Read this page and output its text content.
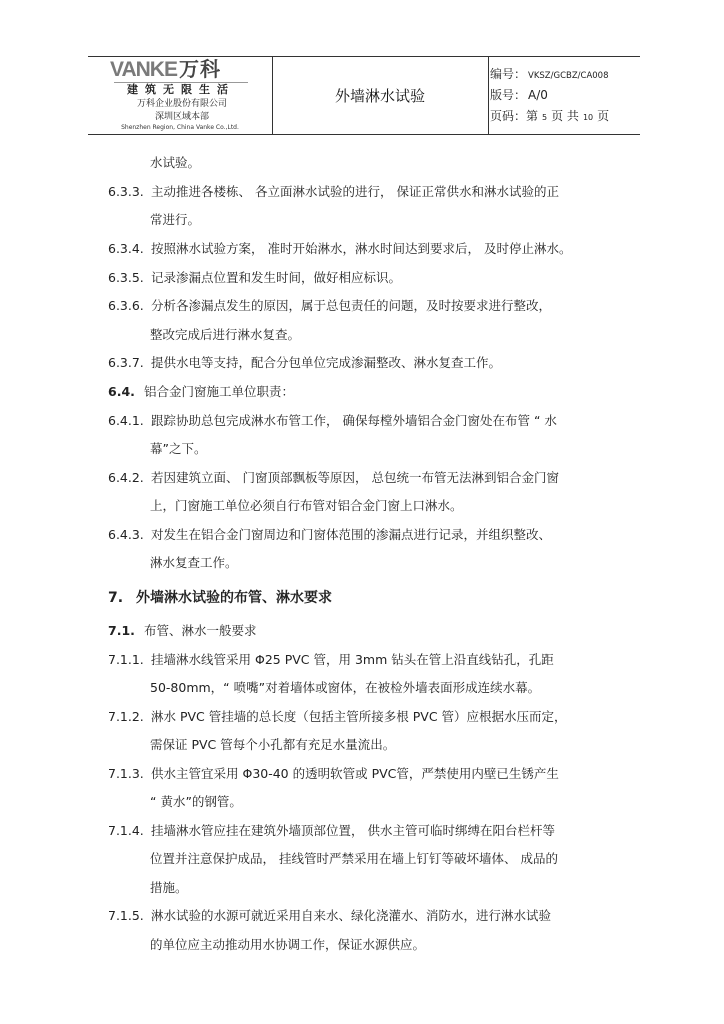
VANKE 万科
建筑无限生活
万科企业股份有限公司
深圳区域本部
Shenzhen Region, China Vanke Co.,Ltd.
外墙淋水试验
编号： VKSZ/GCBZ/CA008
版号： A/0
页码：第 5 页 共 10 页
水试验。
6.3.3. 主动推进各楼栋、 各立面淋水试验的进行， 保证正常供水和淋水试验的正
常进行。
6.3.4. 按照淋水试验方案， 准时开始淋水，淋水时间达到要求后， 及时停止淋水。
6.3.5. 记录渗漏点位置和发生时间，做好相应标识。
6.3.6. 分析各渗漏点发生的原因，属于总包责任的问题，及时按要求进行整改，
整改完成后进行淋水复查。
6.3.7. 提供水电等支持，配合分包单位完成渗漏整改、淋水复查工作。
6.4. 铝合金门窗施工单位职责：
6.4.1. 跟踪协助总包完成淋水布管工作， 确保每樘外墙铝合金门窗处在布管 “ 水
幕”之下。
6.4.2. 若因建筑立面、 门窗顶部飘板等原因， 总包统一布管无法淋到铝合金门窗
上，门窗施工单位必须自行布管对铝合金门窗上口淋水。
6.4.3. 对发生在铝合金门窗周边和门窗体范围的渗漏点进行记录，并组织整改、
淋水复查工作。
7. 外墙淋水试验的布管、淋水要求
7.1. 布管、淋水一般要求
7.1.1. 挂墙淋水线管采用 Φ25 PVC 管，用 3mm 钻头在管上沿直线钻孔，孔距
50-80mm，“ 喷嘴”对着墙体或窗体，在被检外墙表面形成连续水幕。
7.1.2. 淋水 PVC 管挂墙的总长度（包括主管所接多根 PVC 管）应根据水压而定，
需保证 PVC 管每个小孔都有充足水量流出。
7.1.3. 供水主管宜采用 Φ30-40 的透明软管或 PVC管，严禁使用内壁已生锈产生
“ 黄水”的钢管。
7.1.4. 挂墙淋水管应挂在建筑外墙顶部位置， 供水主管可临时绑缚在阳台栏杆等
位置并注意保护成品， 挂线管时严禁采用在墙上钉钉等破坏墙体、 成品的
措施。
7.1.5. 淋水试验的水源可就近采用自来水、绿化浇灌水、消防水，进行淋水试验
的单位应主动推动用水协调工作，保证水源供应。
